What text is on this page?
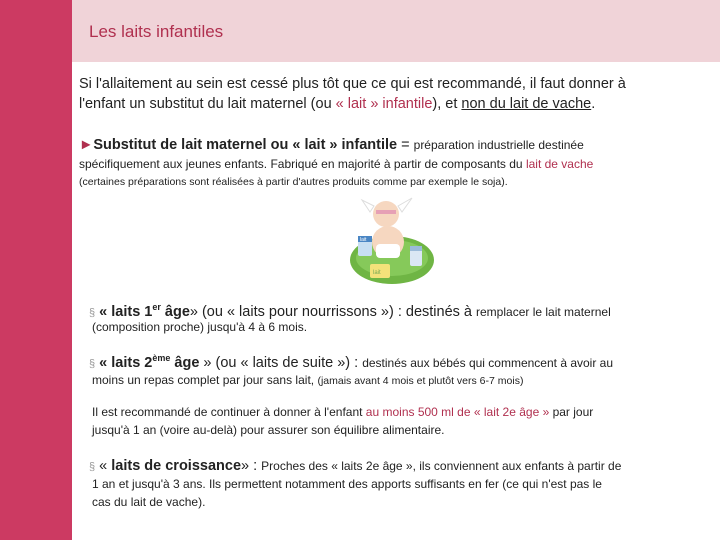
Les laits infantiles

Si l'allaitement au sein est cessé plus tôt que ce qui est recommandé, il faut donner à

l'enfant un substitut du lait maternel (ou « lait » infantile), et non du lait de vache.

►Substitut de lait maternel ou « lait » infantile = préparation industrielle destinée

spécifiquement aux jeunes enfants. Fabriqué en majorité à partir de composants du lait de vache

(certaines préparations sont réalisées à partir d'autres produits comme par exemple le soja).

lait
lait

§ « laits 1er âge» (ou « laits pour nourrissons ») : destinés à remplacer le lait maternel

(composition proche) jusqu'à 4 à 6 mois.

§ « laits 2ème âge » (ou « laits de suite ») : destinés aux bébés qui commencent à avoir au

moins un repas complet par jour sans lait, (jamais avant 4 mois et plutôt vers 6-7 mois)

Il est recommandé de continuer à donner à l'enfant au moins 500 ml de « lait 2e âge » par jour

jusqu'à 1 an (voire au-delà) pour assurer son équilibre alimentaire.

§ « laits de croissance» : Proches des « laits 2e âge », ils conviennent aux enfants à partir de

1 an et jusqu'à 3 ans. Ils permettent notamment des apports suffisants en fer (ce qui n'est pas le

cas du lait de vache).
